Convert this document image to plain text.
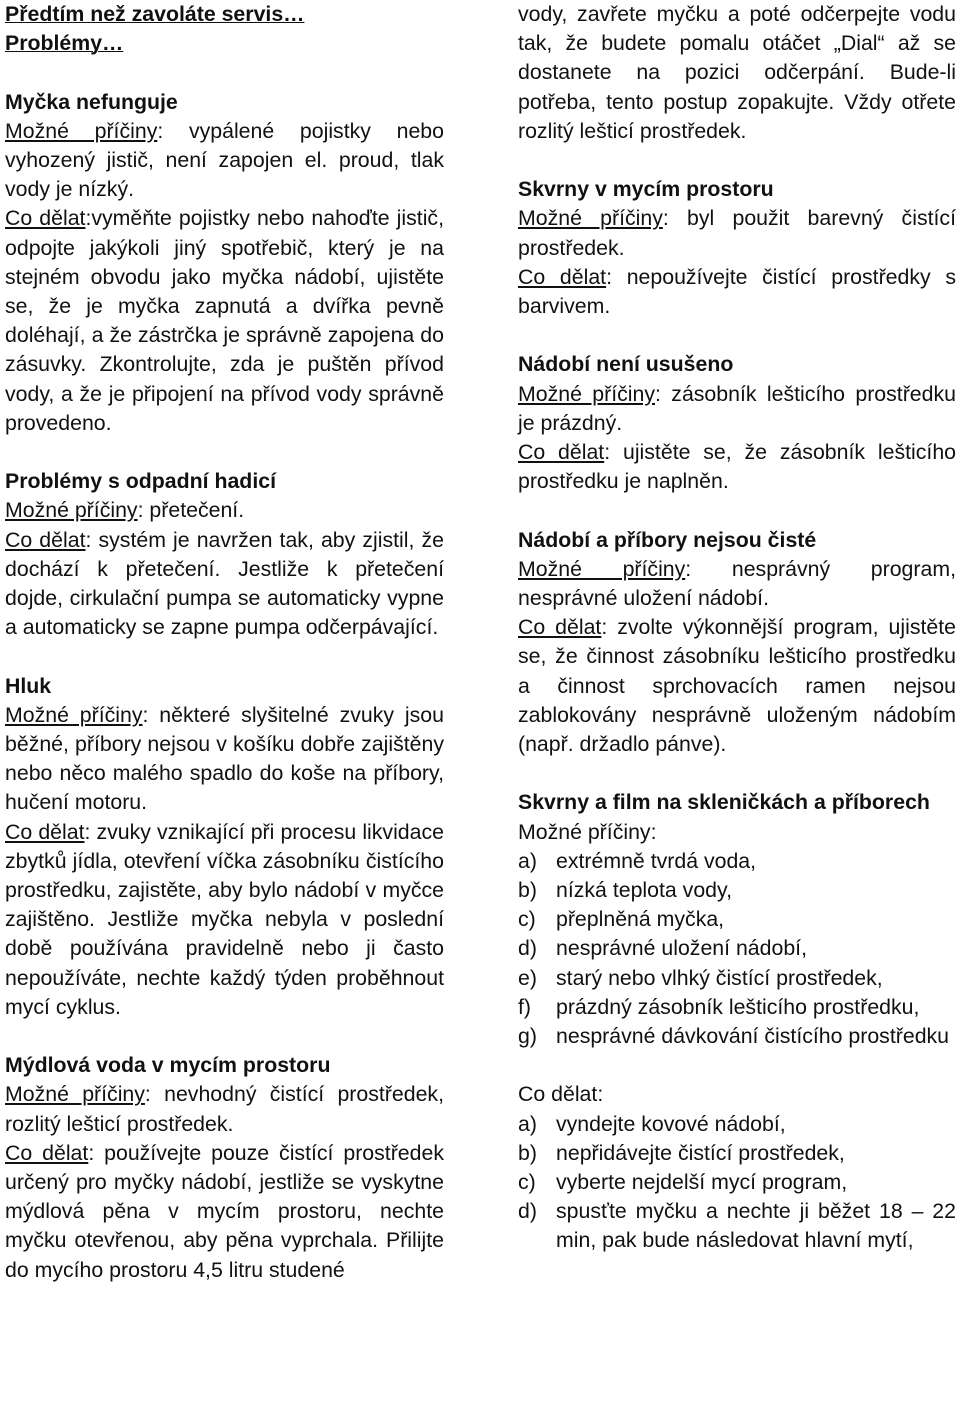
Předtím než zavoláte servis…

Problémy…

Myčka nefunguje

Možné příčiny: vypálené pojistky nebo vyhozený jistič, není zapojen el. proud, tlak vody je nízký.

Co dělat:vyměňte pojistky nebo nahoďte jistič, odpojte jakýkoli jiný spotřebič, který je na stejném obvodu jako myčka nádobí, ujistěte se, že je myčka zapnutá a dvířka pevně doléhají, a že zástrčka je správně zapojena do zásuvky. Zkontrolujte, zda je puštěn přívod vody, a že je připojení na přívod vody správně provedeno.

Problémy s odpadní hadicí

Možné příčiny: přetečení.

Co dělat: systém je navržen tak, aby zjistil, že dochází k přetečení. Jestliže k přetečení dojde, cirkulační pumpa se automaticky vypne a automaticky se zapne pumpa odčerpávající.

Hluk

Možné příčiny: některé slyšitelné zvuky jsou běžné, příbory nejsou v košíku dobře zajištěny nebo něco malého spadlo do koše na příbory, hučení motoru.

Co dělat: zvuky vznikající při procesu likvidace zbytků jídla, otevření víčka zásobníku čistícího prostředku, zajistěte, aby bylo nádobí v myčce zajištěno. Jestliže myčka nebyla v poslední době používána pravidelně nebo ji často nepoužíváte, nechte každý týden proběhnout mycí cyklus.

Mýdlová voda v mycím prostoru

Možné příčiny: nevhodný čistící prostředek, rozlitý lešticí prostředek.

Co dělat: používejte pouze čistící prostředek určený pro myčky nádobí, jestliže se vyskytne mýdlová pěna v mycím prostoru, nechte myčku otevřenou, aby pěna vyprchala. Přilijte do mycího prostoru 4,5 litru studené

vody, zavřete myčku a poté odčerpejte vodu tak, že budete pomalu otáčet „Dial“ až se dostanete na pozici odčerpání. Bude-li potřeba, tento postup zopakujte. Vždy otřete rozlitý lešticí prostředek.

Skvrny v mycím prostoru

Možné příčiny: byl použit barevný čistící prostředek.

Co dělat: nepoužívejte čistící prostředky s barvivem.

Nádobí není usušeno

Možné příčiny: zásobník lešticího prostředku je prázdný.

Co dělat: ujistěte se, že zásobník lešticího prostředku je naplněn.

Nádobí a příbory nejsou čisté

Možné příčiny: nesprávný program, nesprávné uložení nádobí.

Co dělat: zvolte výkonnější program, ujistěte se, že činnost zásobníku lešticího prostředku a činnost sprchovacích ramen nejsou zablokovány nesprávně uloženým nádobím (např. držadlo pánve).

Skvrny a film na skleničkách a příborech

Možné příčiny:

a) extrémně tvrdá voda,
b) nízká teplota vody,
c) přeplněná myčka,
d) nesprávné uložení nádobí,
e) starý nebo vlhký čistící prostředek,
f)	prázdný zásobník lešticího prostředku,
g) nesprávné dávkování čistícího prostředku

Co dělat:

a) vyndejte kovové nádobí,
b) nepřidávejte čistící prostředek,
c) vyberte nejdelší mycí program,
d) spusťte myčku a nechte ji běžet 18 – 22 min, pak bude následovat hlavní mytí,
